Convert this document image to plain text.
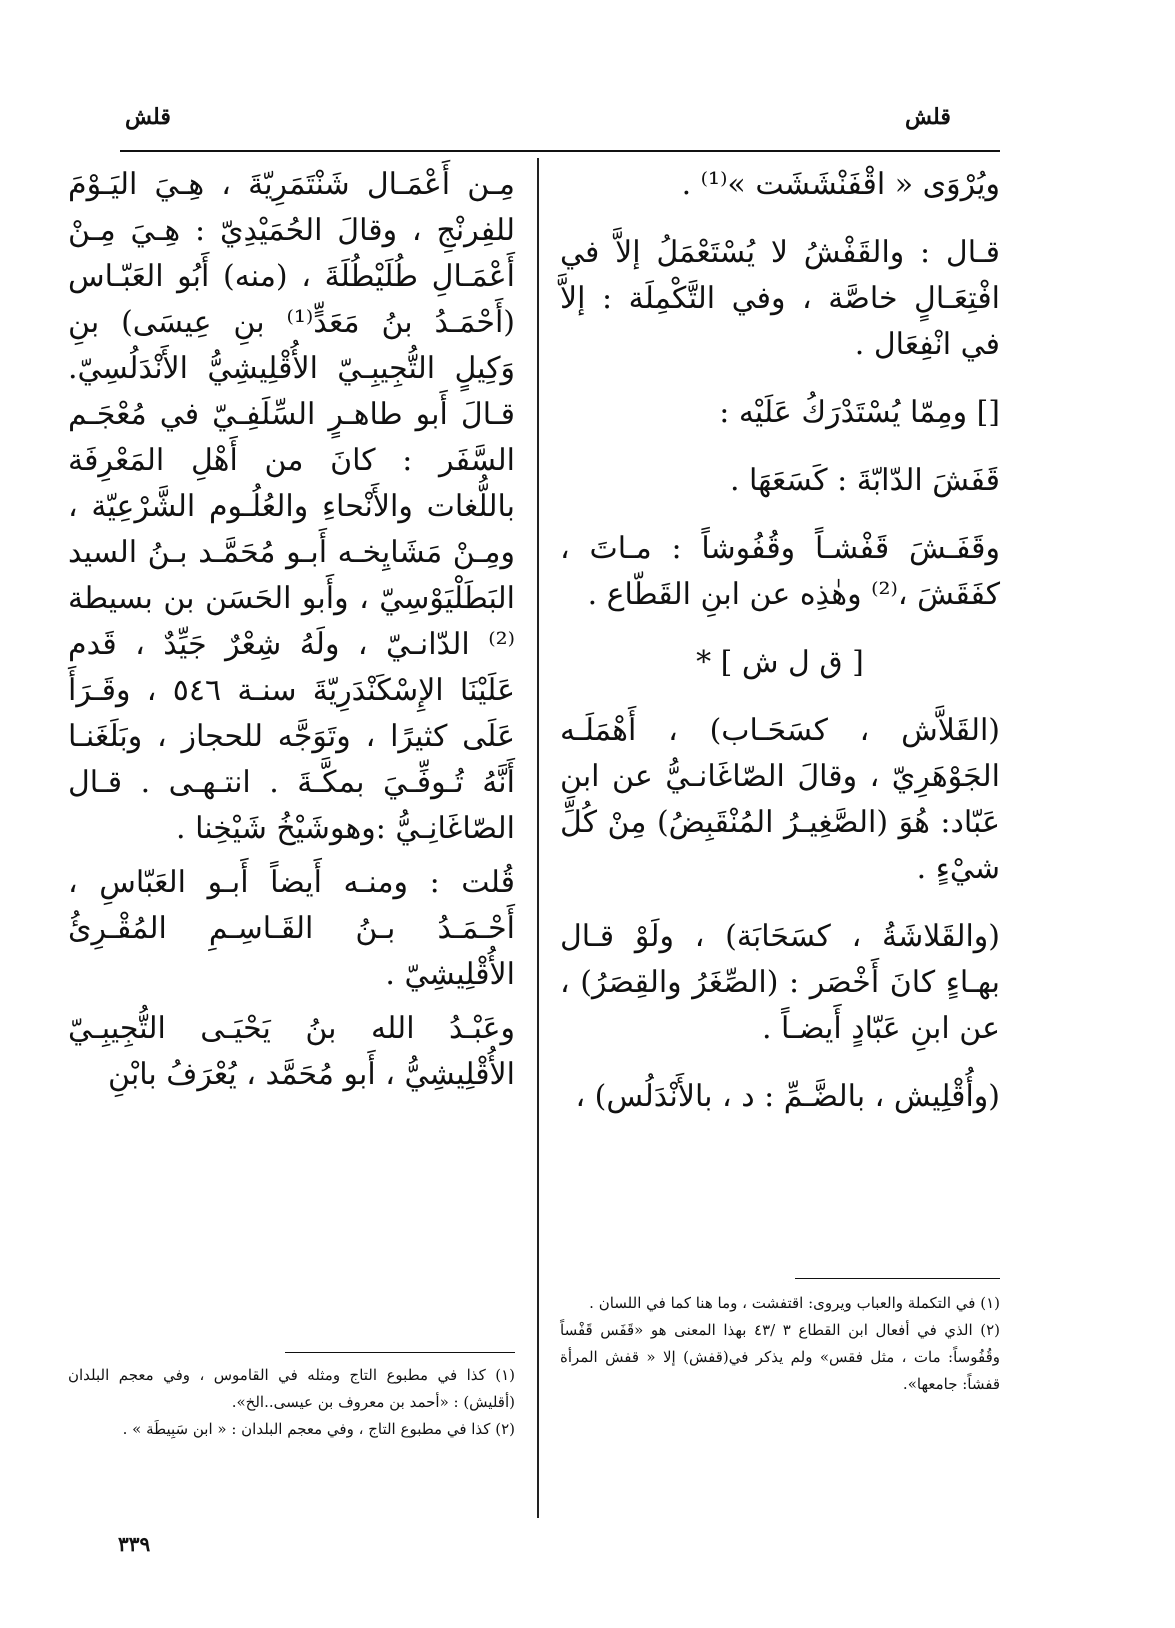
قلش
قلش

ويُرْوَى « اقْفَنْشَشَت »⁽¹⁾ .

قـال : والقَفْشُ لا يُسْتَعْمَلُ إلاَّ في افْتِعَـالٍ خاصَّة ، وفي التَّكْمِلَة : إلاَّ في انْفِعَال .

[] ومِمّا يُسْتَدْرَكُ عَلَيْه :

قَفَشَ الدّابّةَ : كَسَعَهَا .

وقَفَـشَ قَفْشـاً وقُفُوشاً : مـاتَ ، كفَقَشَ ،⁽²⁾ وهٰذِه عن ابنِ القَطّاع .

[ ق ل ش ] *

(القَلاَّش ، كسَحَـاب) ، أَهْمَلَـه الجَوْهَرِيّ ، وقالَ الصّاغَانـيُّ عن ابنِ عَبّاد: هُوَ (الصَّغِيـرُ المُنْقَبِضُ) مِنْ كُلِّ شيْءٍ .

(والقَلاشَةُ ، كسَحَابَة) ، ولَوْ قـال بهـاءٍ كانَ أَخْصَر : (الصِّغَرُ والقِصَرُ) ، عن ابنِ عَبّادٍ أَيضـاً .

(وأُقْلِيش ، بالضَّـمِّ : د ، بالأَنْدَلُس) ،

مِـن أَعْمَـال شَنْتَمَرِيّةَ ، هِـيَ اليَـوْمَ للفِرنْجِ ، وقالَ الحُمَيْدِيّ : هِـيَ مِـنْ أَعْمَـالِ طُلَيْطُلَةَ ، (منه) أَبُو العَبّـاس (أَحْمَـدُ بنُ مَعَدٍّ⁽¹⁾ بنِ عِيسَى) بنِ وَكِيلٍ التُّجِيبِـيّ الأُقْلِيشِيُّ الأَنْدَلُسِيّ. قـالَ أَبو طاهـرٍ السِّلَفِـيّ في مُعْجَـم السَّفَر : كانَ من أَهْلِ المَعْرِفَة باللُّغات والأَنْحاءِ والعُلُـوم الشَّرْعِيّة ، ومِـنْ مَشَايِخـه أَبـو مُحَمَّـد بـنُ السيد البَطَلْيَوْسِيّ ، وأَبو الحَسَن بن بسيطة ⁽²⁾ الدّانـيّ ، ولَهُ شِعْرٌ جَيِّدٌ ، قَدم عَلَيْنَا الإِسْكَنْدَرِيّةَ سنـة ٥٤٦ ، وقَـرَأَ عَلَى كثيرًا ، وتَوَجَّه للحجاز ، وبَلَغَنـا أَنَّهُ تُـوفِّـيَ بمكَّـةَ . انتـهـى . قـال الصّاغَانِـيُّ :وهوشَيْخُ شَيْخِنا .

قُلت : ومنـه أَيضاً أَبـو العَبّاسِ ، أَحْـمَـدُ بـنُ القَـاسِـمِ المُقْـرِئُ الأُقْلِيشِيّ .

وعَبْـدُ الله بنُ يَحْيَـى التُّجِيبِـيّ الأُقْلِيشِيُّ ، أَبو مُحَمَّد ، يُعْرَفُ بابْنِ

(١) في التكملة والعباب ويروى: اقتفشت ، وما هنا كما في اللسان .

(٢) الذي في أفعال ابن القطاع ٣ /٤٣ بهذا المعنى هو «قَفَس قَفْساً وقُفُوساً: مات ، مثل فقس» ولم يذكر في(قفش) إلا « قفش المرأة قفشاً: جامعها».

(١) كذا في مطبوع التاج ومثله في القاموس ، وفي معجم البلدان (أقليش) : «أحمد بن معروف بن عيسى..الخ».

(٢) كذا في مطبوع التاج ، وفي معجم البلدان : « ابن سَبِيطَة » .

٣٣٩
